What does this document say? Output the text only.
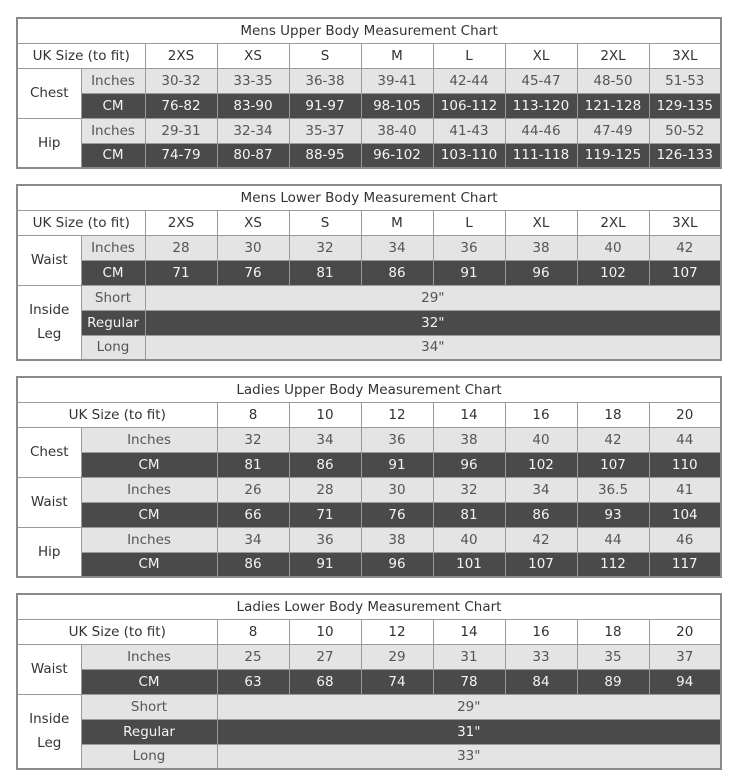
Mens Upper Body Measurement Chart									
UK Size (to fit)		2XS	XS	S	M	L	XL	2XL	3XL
Chest	Inches	30-32	33-35	36-38	39-41	42-44	45-47	48-50	51-53
	CM	76-82	83-90	91-97	98-105	106-112	113-120	121-128	129-135
Hip	Inches	29-31	32-34	35-37	38-40	41-43	44-46	47-49	50-52
	CM	74-79	80-87	88-95	96-102	103-110	111-118	119-125	126-133
Mens Lower Body Measurement Chart									
UK Size (to fit)		2XS	XS	S	M	L	XL	2XL	3XL
Waist	Inches	28	30	32	34	36	38	40	42
	CM	71	76	81	86	91	96	102	107
Inside
Leg	Short	29"							
	Regular	32"							
	Long	34"							
Ladies Upper Body Measurement Chart								
UK Size (to fit)		8	10	12	14	16	18	20
Chest	Inches	32	34	36	38	40	42	44
	CM	81	86	91	96	102	107	110
Waist	Inches	26	28	30	32	34	36.5	41
	CM	66	71	76	81	86	93	104
Hip	Inches	34	36	38	40	42	44	46
	CM	86	91	96	101	107	112	117
Ladies Lower Body Measurement Chart								
UK Size (to fit)		8	10	12	14	16	18	20
Waist	Inches	25	27	29	31	33	35	37
	CM	63	68	74	78	84	89	94
Inside
Leg	Short	29"						
	Regular	31"						
	Long	33"						
